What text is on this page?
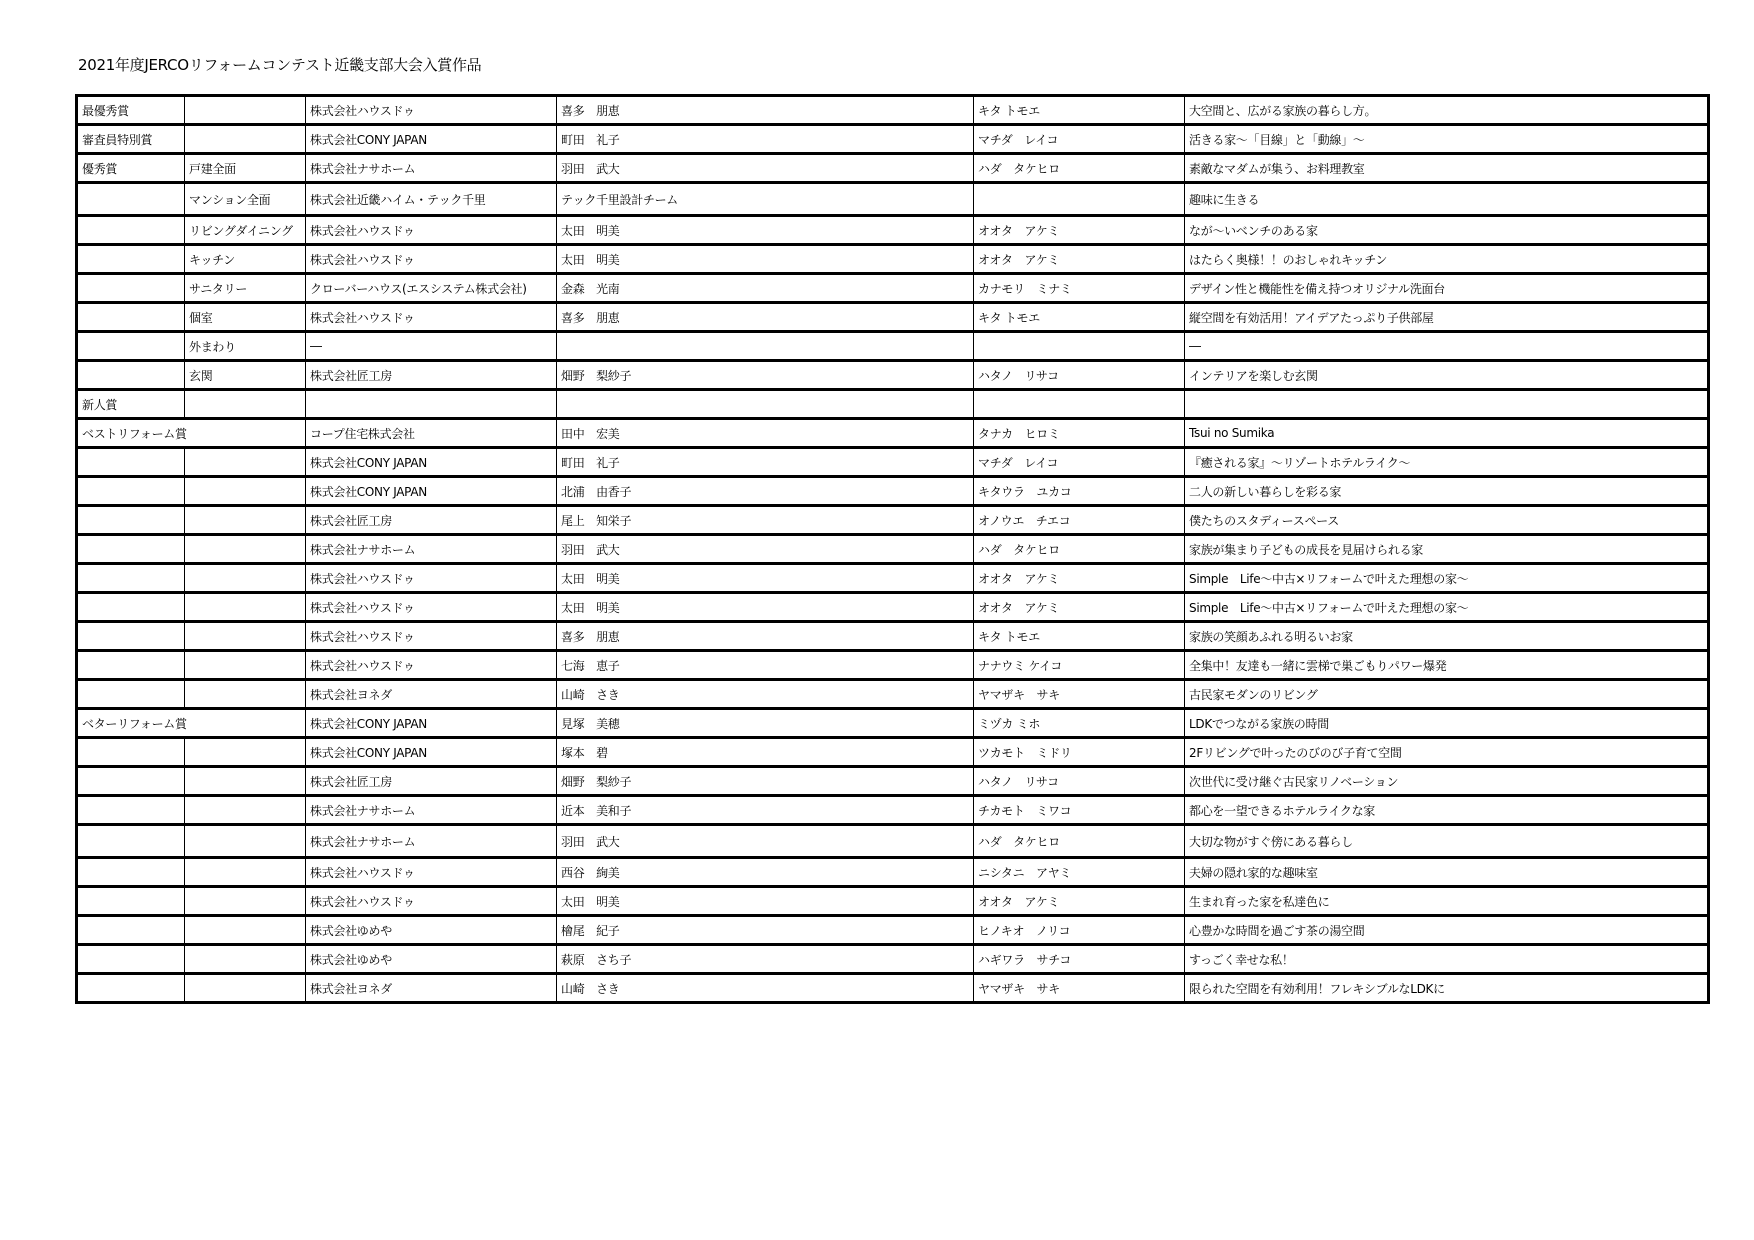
2021年度JERCOリフォームコンテスト近畿支部大会入賞作品
最優秀賞		株式会社ハウスドゥ	喜多　朋恵	キタ トモエ	大空間と、広がる家族の暮らし方。
審査員特別賞		株式会社CONY JAPAN	町田　礼子	マチダ　レイコ	活きる家～「目線」と「動線」～
優秀賞	戸建全面	株式会社ナサホーム	羽田　武大	ハダ　タケヒロ	素敵なマダムが集う、お料理教室
	マンション全面	株式会社近畿ハイム・テック千里	テック千里設計チーム		趣味に生きる
	リビングダイニング	株式会社ハウスドゥ	太田　明美	オオタ　アケミ	なが～いベンチのある家
	キッチン	株式会社ハウスドゥ	太田　明美	オオタ　アケミ	はたらく奥様！！のおしゃれキッチン
	サニタリー	クローバーハウス(エスシステム株式会社)	金森　光南	カナモリ　ミナミ	デザイン性と機能性を備え持つオリジナル洗面台
	個室	株式会社ハウスドゥ	喜多　朋恵	キタ トモエ	縦空間を有効活用！アイデアたっぷり子供部屋
	外まわり	―			―
	玄関	株式会社匠工房	畑野　梨紗子	ハタノ　リサコ	インテリアを楽しむ玄関
新人賞					
ベストリフォーム賞		コープ住宅株式会社	田中　宏美	タナカ　ヒロミ	Tsui no Sumika
		株式会社CONY JAPAN	町田　礼子	マチダ　レイコ	『癒される家』～リゾートホテルライク～
		株式会社CONY JAPAN	北浦　由香子	キタウラ　ユカコ	二人の新しい暮らしを彩る家
		株式会社匠工房	尾上　知栄子	オノウエ　チエコ	僕たちのスタディースペース
		株式会社ナサホーム	羽田　武大	ハダ　タケヒロ	家族が集まり子どもの成長を見届けられる家
		株式会社ハウスドゥ	太田　明美	オオタ　アケミ	Simple　Life～中古×リフォームで叶えた理想の家～
		株式会社ハウスドゥ	太田　明美	オオタ　アケミ	Simple　Life～中古×リフォームで叶えた理想の家～
		株式会社ハウスドゥ	喜多　朋恵	キタ トモエ	家族の笑顔あふれる明るいお家
		株式会社ハウスドゥ	七海　恵子	ナナウミ ケイコ	全集中！友達も一緒に雲梯で巣ごもりパワー爆発
		株式会社ヨネダ	山崎　さき	ヤマザキ　サキ	古民家モダンのリビング
ベターリフォーム賞		株式会社CONY JAPAN	見塚　美穂	ミヅカ ミホ	LDKでつながる家族の時間
		株式会社CONY JAPAN	塚本　碧	ツカモト　ミドリ	2Fリビングで叶ったのびのび子育て空間
		株式会社匠工房	畑野　梨紗子	ハタノ　リサコ	次世代に受け継ぐ古民家リノベーション
		株式会社ナサホーム	近本　美和子	チカモト　ミワコ	都心を一望できるホテルライクな家
		株式会社ナサホーム	羽田　武大	ハダ　タケヒロ	大切な物がすぐ傍にある暮らし
		株式会社ハウスドゥ	西谷　絢美	ニシタニ　アヤミ	夫婦の隠れ家的な趣味室
		株式会社ハウスドゥ	太田　明美	オオタ　アケミ	生まれ育った家を私達色に
		株式会社ゆめや	檜尾　紀子	ヒノキオ　ノリコ	心豊かな時間を過ごす茶の湯空間
		株式会社ゆめや	萩原　さち子	ハギワラ　サチコ	すっごく幸せな私！
		株式会社ヨネダ	山崎　さき	ヤマザキ　サキ	限られた空間を有効利用！フレキシブルなLDKに
